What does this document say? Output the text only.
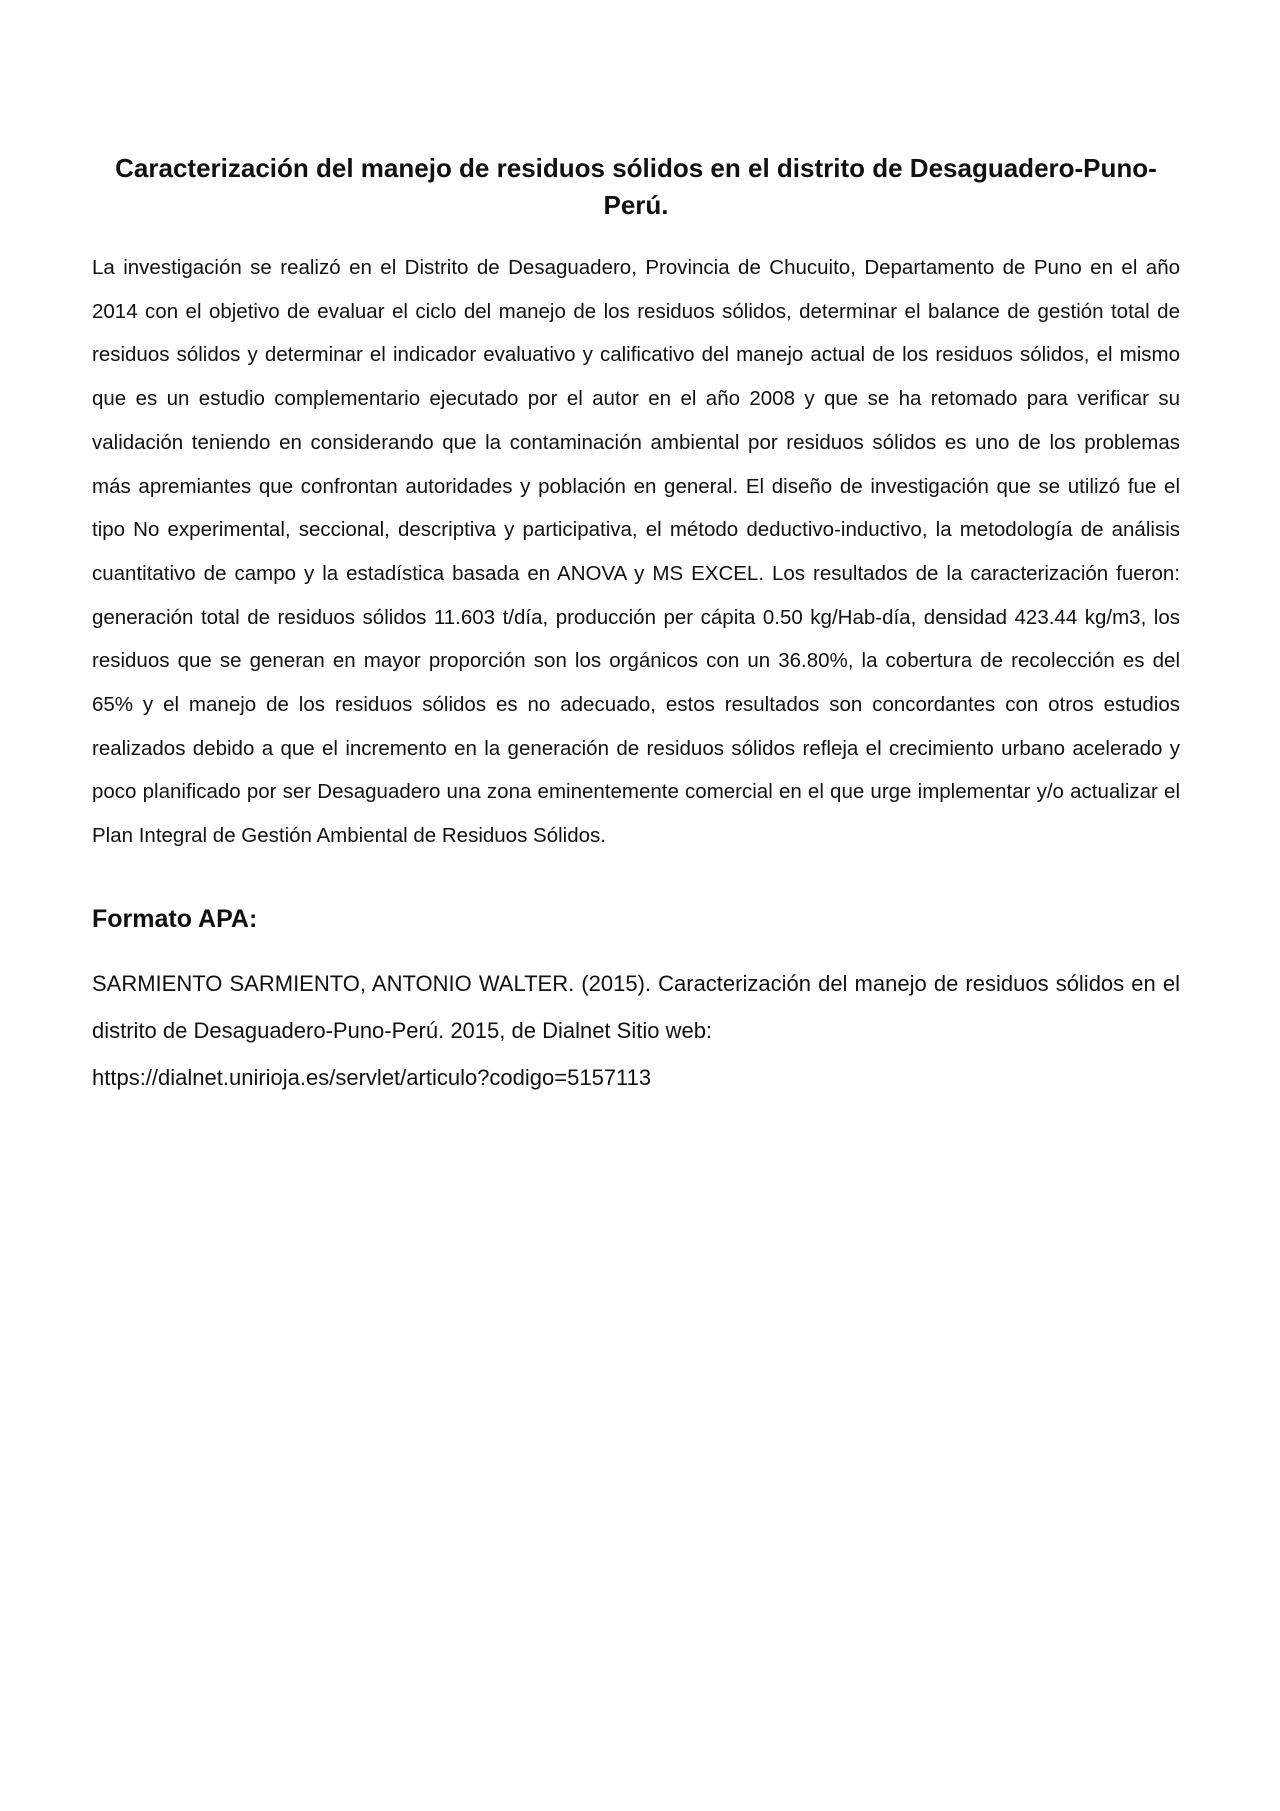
Caracterización del manejo de residuos sólidos en el distrito de Desaguadero-Puno-Perú.

La investigación se realizó en el Distrito de Desaguadero, Provincia de Chucuito, Departamento de Puno en el año 2014 con el objetivo de evaluar el ciclo del manejo de los residuos sólidos, determinar el balance de gestión total de residuos sólidos y determinar el indicador evaluativo y calificativo del manejo actual de los residuos sólidos, el mismo que es un estudio complementario ejecutado por el autor en el año 2008 y que se ha retomado para verificar su validación teniendo en considerando que la contaminación ambiental por residuos sólidos es uno de los problemas más apremiantes que confrontan autoridades y población en general. El diseño de investigación que se utilizó fue el tipo No experimental, seccional, descriptiva y participativa, el método deductivo-inductivo, la metodología de análisis cuantitativo de campo y la estadística basada en ANOVA y MS EXCEL. Los resultados de la caracterización fueron: generación total de residuos sólidos 11.603 t/día, producción per cápita 0.50 kg/Hab-día, densidad 423.44 kg/m3, los residuos que se generan en mayor proporción son los orgánicos con un 36.80%, la cobertura de recolección es del 65% y el manejo de los residuos sólidos es no adecuado, estos resultados son concordantes con otros estudios realizados debido a que el incremento en la generación de residuos sólidos refleja el crecimiento urbano acelerado y poco planificado por ser Desaguadero una zona eminentemente comercial en el que urge implementar y/o actualizar el Plan Integral de Gestión Ambiental de Residuos Sólidos.

Formato APA:

SARMIENTO SARMIENTO, ANTONIO WALTER. (2015). Caracterización del manejo de residuos sólidos en el distrito de Desaguadero-Puno-Perú. 2015, de Dialnet Sitio web:

https://dialnet.unirioja.es/servlet/articulo?codigo=5157113
